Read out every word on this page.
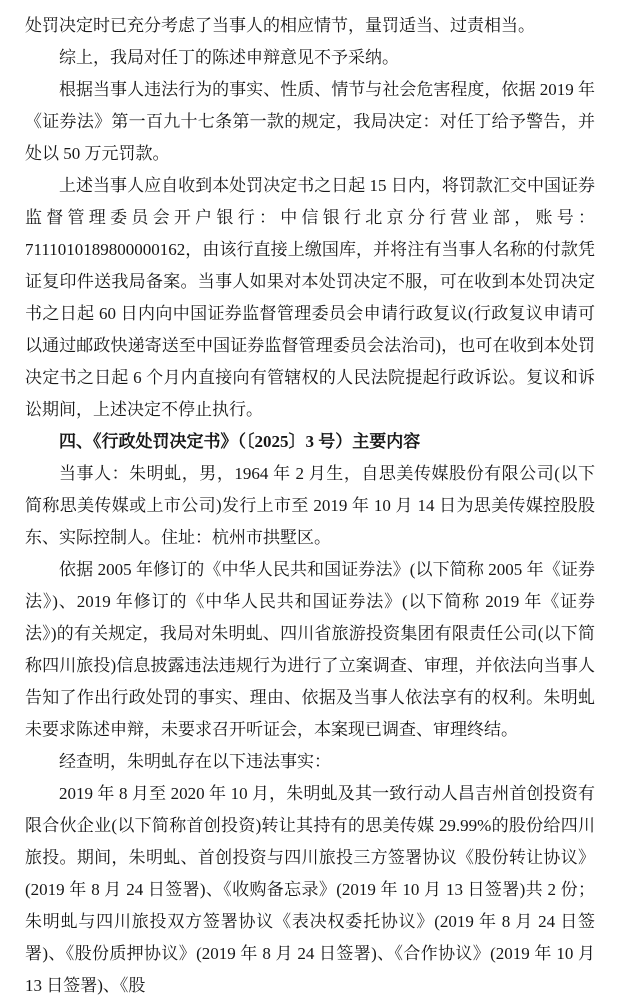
处罚决定时已充分考虑了当事人的相应情节，量罚适当、过责相当。

综上，我局对任丁的陈述申辩意见不予采纳。

根据当事人违法行为的事实、性质、情节与社会危害程度，依据 2019 年《证券法》第一百九十七条第一款的规定，我局决定：对任丁给予警告，并处以 50 万元罚款。

上述当事人应自收到本处罚决定书之日起 15 日内，将罚款汇交中国证券监督管理委员会开户银行：中信银行北京分行营业部，账号：7111010189800000162，由该行直接上缴国库，并将注有当事人名称的付款凭证复印件送我局备案。当事人如果对本处罚决定不服，可在收到本处罚决定书之日起 60 日内向中国证券监督管理委员会申请行政复议(行政复议申请可以通过邮政快递寄送至中国证券监督管理委员会法治司)，也可在收到本处罚决定书之日起 6 个月内直接向有管辖权的人民法院提起行政诉讼。复议和诉讼期间，上述决定不停止执行。

四、《行政处罚决定书》（〔2025〕3 号）主要内容

当事人：朱明虬，男，1964 年 2 月生，自思美传媒股份有限公司(以下简称思美传媒或上市公司)发行上市至 2019 年 10 月 14 日为思美传媒控股股东、实际控制人。住址：杭州市拱墅区。

依据 2005 年修订的《中华人民共和国证券法》(以下简称 2005 年《证券法》)、2019 年修订的《中华人民共和国证券法》(以下简称 2019 年《证券法》)的有关规定，我局对朱明虬、四川省旅游投资集团有限责任公司(以下简称四川旅投)信息披露违法违规行为进行了立案调查、审理，并依法向当事人告知了作出行政处罚的事实、理由、依据及当事人依法享有的权利。朱明虬未要求陈述申辩，未要求召开听证会，本案现已调查、审理终结。

经查明，朱明虬存在以下违法事实：

2019 年 8 月至 2020 年 10 月，朱明虬及其一致行动人昌吉州首创投资有限合伙企业(以下简称首创投资)转让其持有的思美传媒 29.99%的股份给四川旅投。期间，朱明虬、首创投资与四川旅投三方签署协议《股份转让协议》(2019 年 8 月 24 日签署)、《收购备忘录》(2019 年 10 月 13 日签署)共 2 份；朱明虬与四川旅投双方签署协议《表决权委托协议》(2019 年 8 月 24 日签署)、《股份质押协议》(2019 年 8 月 24 日签署)、《合作协议》(2019 年 10 月 13 日签署)、《股
